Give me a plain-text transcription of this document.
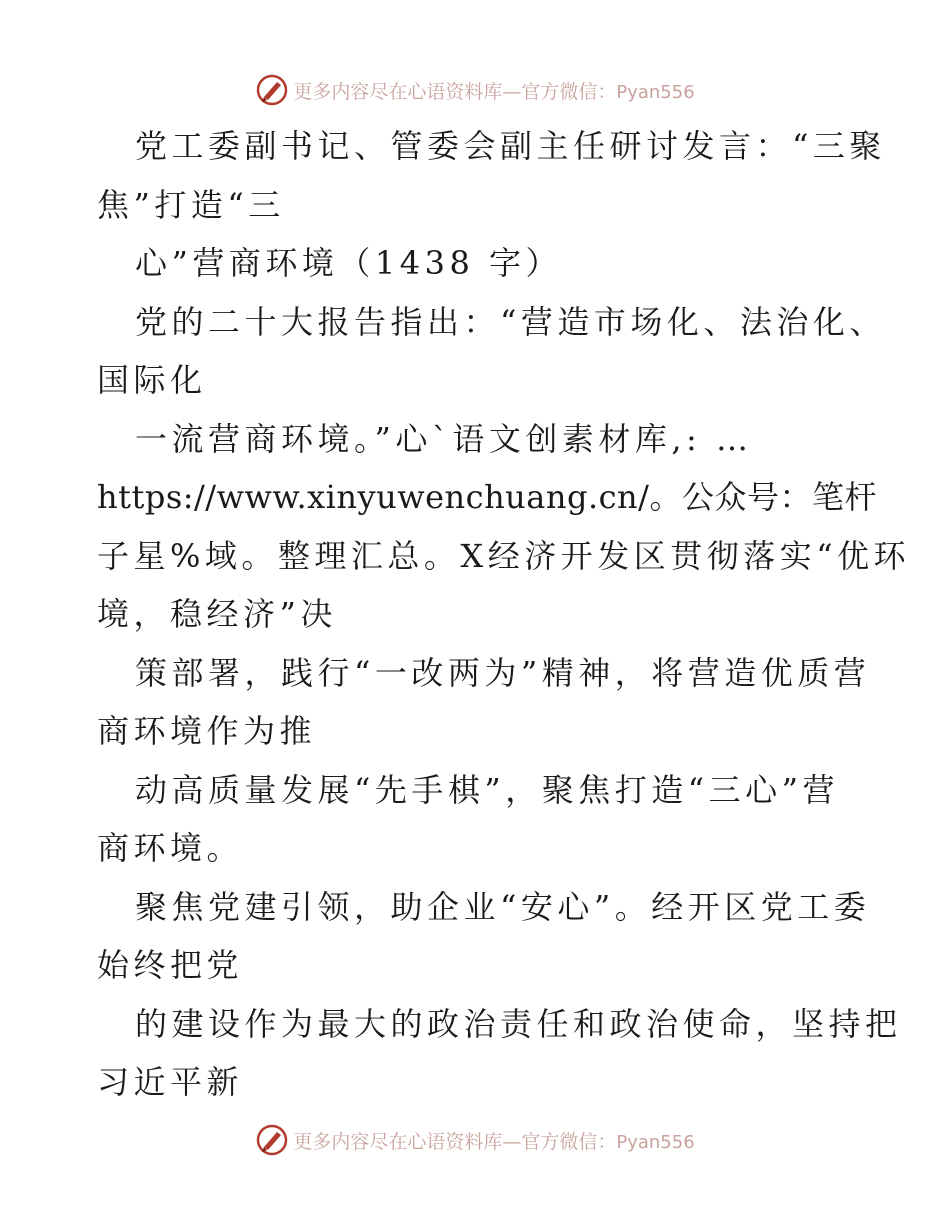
更多内容尽在心语资料库—官方微信：Pyan556
党工委副书记、管委会副主任研讨发言：“三聚
焦”打造“三
心”营商环境（1438 字）
党的二十大报告指出：“营造市场化、法治化、
国际化
一流营商环境。”心`语文创素材库,: …
https://www.xinyuwenchuang.cn/。公众号：笔杆
子星%域。整理汇总。X经济开发区贯彻落实“优环
境，稳经济”决
策部署，践行“一改两为”精神，将营造优质营
商环境作为推
动高质量发展“先手棋”，聚焦打造“三心”营
商环境。
聚焦党建引领，助企业“安心”。经开区党工委
始终把党
的建设作为最大的政治责任和政治使命，坚持把
习近平新
更多内容尽在心语资料库—官方微信：Pyan556
